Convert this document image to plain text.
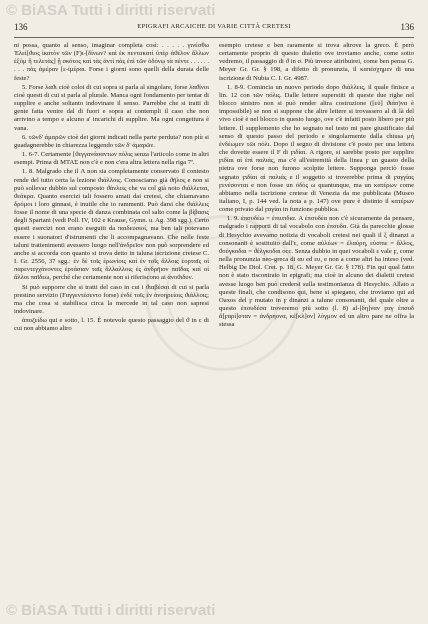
© BiASA Tutti i diritti riservati
136	EPIGRAFI ARCAICHE DI VARIE CITTÀ CRETESI	136

ni possa, quanto al senso, imaginar completa così: . . . . . γινέσθω Ἐλεί[ϑιος ἱκατὸν τῶν (Ϝ)ι-[δίνων? καὶ ἐκ πεντακατὶ ὑπὲρ ἀϑέλον ἄλλων ἑξὸμ ἢ τελετὰς] ᾗ σκότος καὶ τὰς ἀντὶ πὰς ἐπὶ τῶν ὁδόνῳ τὰ πέντε . . . . . . . . . πὰς ἀμέραν [ε-ἰμέραι. Forse i giorni sono quelli della durata delle feste?

5. Forse λαϑι cioè coloi di cui sopra si parla al singolare, forse λαϑίνοι cioè questi di cui si parla al plurale. Manca ogni fondamento per tentar di supplire e anche soltanto indovinare il senso. Parrebbe che si tratti di gente fatta venire dal di fuori e sopra ai contempli il caso che non arrivino a tempo e alcuno a' incarichi di supplire. Ma ogni congettura è vana.

6. τῶνδ' ἀμαρῶν cioè dei giorni indicati nella parte perduta? non più si guadagnerebbe in chiarezza leggendo τῶν δ' ἀμαρῶν.

1. 6-7. Certamente [ϑεγγανάσαντων πόλις senza l'articolo come in altri esempi. Prima di ΜΤΑΣ non c'è e non c'era altra lettera nella riga 7ª.

1. 8. Malgrado che il Λ non sia completamente conservato il contesto rende del tutto certa la lezione ϑιάλλοις. Conosciamo già ϑῆλος e non si può sollevar dubbio sul composto ϑάνλεις che va col già noto ϑιάλλεται, ϑεάκρα. Quanto esercizi tali fossero amati dai cretesi, che chiamavano δρόμοι i loro ginnasi, è inutile che io rammenti. Può darsi che ϑιάλλεις fosse il nome di una specie di danza combinata col salto come la βίβασις degli Spartani (vedi Poll. IV, 102 e Krause, Gymn. u. Ag. 398 sgg.). Certo questi esercizi non erano eseguiti da παιδευσιοί, ma ben tali potevano essere i suonatori d'istrumenti che li accompagnavano. Che nelle feste taluni trattenimenti avessero luogo nell'ἀνδρεῖον non può sorprendere ed anche si accorda con quanto si trova detto in taluna iscrizione cretese C. I. Gr. 2556, 37 sgg.: ἐν δὲ τοῖς ἐρωνίοις καὶ ἐν τοῖς ἄλλοις ἑορταῖς οἱ παρεντεγχάνοντες ἑρτάσιαν ταῖς ἄλλαλλοις ἐς ἀνδρῆιον παῖδας καὶ οἱ ἄλλοι παῖδεω, perché che certamente non si riferiscono ai ἀνοϑιδυν.

Si può supporre che si tratti del caso in cui i ϑιαβέσαι di cui si parla prestino servizio (Ϝαγγεντέσεντο forse) ἐνδέ τοῖς ἐν ἀνοηρείοις ϑιάλλοις; ma che cosa si stabilisca circa la mercede in tal caso non sapresi indovinare.

ἀποζείδω qui e sotto, l. 15. È notevole questo passaggio del ϑ in ϲ di cui non abbiamo altro

esempio cretese e ben raramente si trova altrove la greco. È però certamente proprio di questo dialetto ove troviamo anche, come sotto vedremo, il passaggio di ϑ in σ. Più invece attribuirei, come ben pensa G. Meyer Gr. Gr. § 198, a difetto di pronunzia, il καπέσχημεν di una iscrizione di Nubia C. I. Gr. 4987.

1. 8-9. Comincia un nuovo periodo dopo ϑιάλλεις, il quale finisce a lin. 12 con τῶν πόλις. Dalle lettere superstiti di queste due righe nel blocco sinistro non si può render altra costruzione ([εὐ] ϑιάσ)να è impossibile) se non si suppone che altre lettere si trovassero al di là del vivo cioè è nel blocco in questo luogo, ove c'è infatti posto libero per più lettere. Il supplemento che ho segnato nel testo mi pare giustificato dal senso di questo passo del periodo e singolarmente dalla chiusa μή ἐνδέωμεν τῶι πόλι. Dopo il segno di divisione c'è posto per una lettera che dovette essere il Ϝ di ϝιδίαι. A rigore, si sarebbe posto per supplire ϝιδίαι αἰ ἐπὶ παλιάς, ma c'è all'estremità della linea ϝ un guasto della pietra ove forse non furono scolpite lettere. Supponga perciò fosse segnato ϝιδίαι αἰ παλιάς e il soggetto si troverebbe prima di ϝαγγίας ϝενέσονται e non fosse un ὁδός ω quantunque, ma un κατέρων come abbiamo nella iscrizione cretese di Venezia da me pubblicata (Museo italiano, I, p. 144 ved. la nota a p. 147) ove pure è distinto il κατέρων come privato dal ϝαγίαι in funzione pubblica.

1. 9. ἐπσυδέω = ἐπιυπδια. A ἐπσυδέα non c'è sicuramente da pensare, malgrado i rapporti di tal vocabolo con ἐπσυδα. Già da parecchie glosse di Hesychio avevamo notizia di vocaboli cretesi nei quali il ξ dinanzi a consonanti è sostituito dall'ε, come αὑλέων = ἐλαύρη, εὐσπιε = ἄλλος, ϑούγκοδαι = ϑέλγκοδαι occ. Senza dubbio in quei vocaboli ε vale ϝ, come nella pronunzia neo-greca di αυ ed ευ, e non a come altri ha inteso (ved. Helbig De Diol. Cret. p. 18, G. Meyer Gr. Gr. § 178). Fin qui qual fatto non è stato riscontrato in epigrafi; ma cioè in alcuno dei dialetti cretesi avesse luogo ben può credersi sulla testimonianza di Hesychio. Allato a queste finali, che condisono qui, bene si spiegano, che troviamo qui ad Oaxos del ϝ mutato in ϝ dinanzi a talune consonanti, del quale oltre a questo ἐπσυδέσα troveremo più sotto (l. 8) al-[δη]ναν ϝαγ ἐπσυδ ἄ[ϝαρί]σταν = ἀνδρηονα, κέ[κλ]ον] λόγμον ed un altro pare ne offra la stessa

© BiASA Tutti i diritti riservati
